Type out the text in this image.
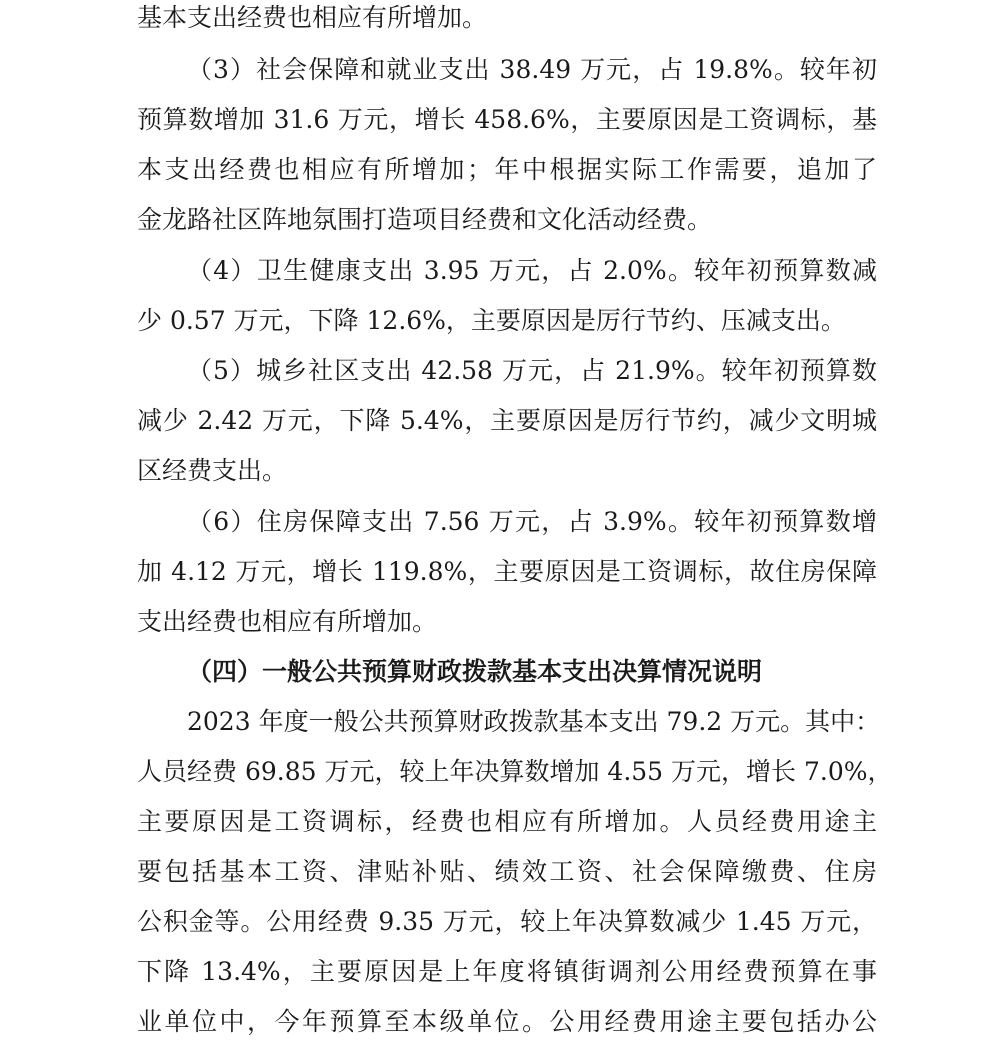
基本支出经费也相应有所增加。
（3）社会保障和就业支出 38.49 万元，占 19.8%。较年初
预算数增加 31.6 万元，增长 458.6%，主要原因是工资调标，基
本支出经费也相应有所增加；年中根据实际工作需要，追加了
金龙路社区阵地氛围打造项目经费和文化活动经费。
（4）卫生健康支出 3.95 万元，占 2.0%。较年初预算数减
少 0.57 万元，下降 12.6%，主要原因是厉行节约、压减支出。
（5）城乡社区支出 42.58 万元，占 21.9%。较年初预算数
减少 2.42 万元，下降 5.4%，主要原因是厉行节约，减少文明城
区经费支出。
（6）住房保障支出 7.56 万元，占 3.9%。较年初预算数增
加 4.12 万元，增长 119.8%，主要原因是工资调标，故住房保障
支出经费也相应有所增加。
（四）一般公共预算财政拨款基本支出决算情况说明
2023 年度一般公共预算财政拨款基本支出 79.2 万元。其中：
人员经费 69.85 万元，较上年决算数增加 4.55 万元，增长 7.0%，
主要原因是工资调标，经费也相应有所增加。人员经费用途主
要包括基本工资、津贴补贴、绩效工资、社会保障缴费、住房
公积金等。公用经费 9.35 万元，较上年决算数减少 1.45 万元，
下降 13.4%，主要原因是上年度将镇街调剂公用经费预算在事
业单位中，今年预算至本级单位。公用经费用途主要包括办公
